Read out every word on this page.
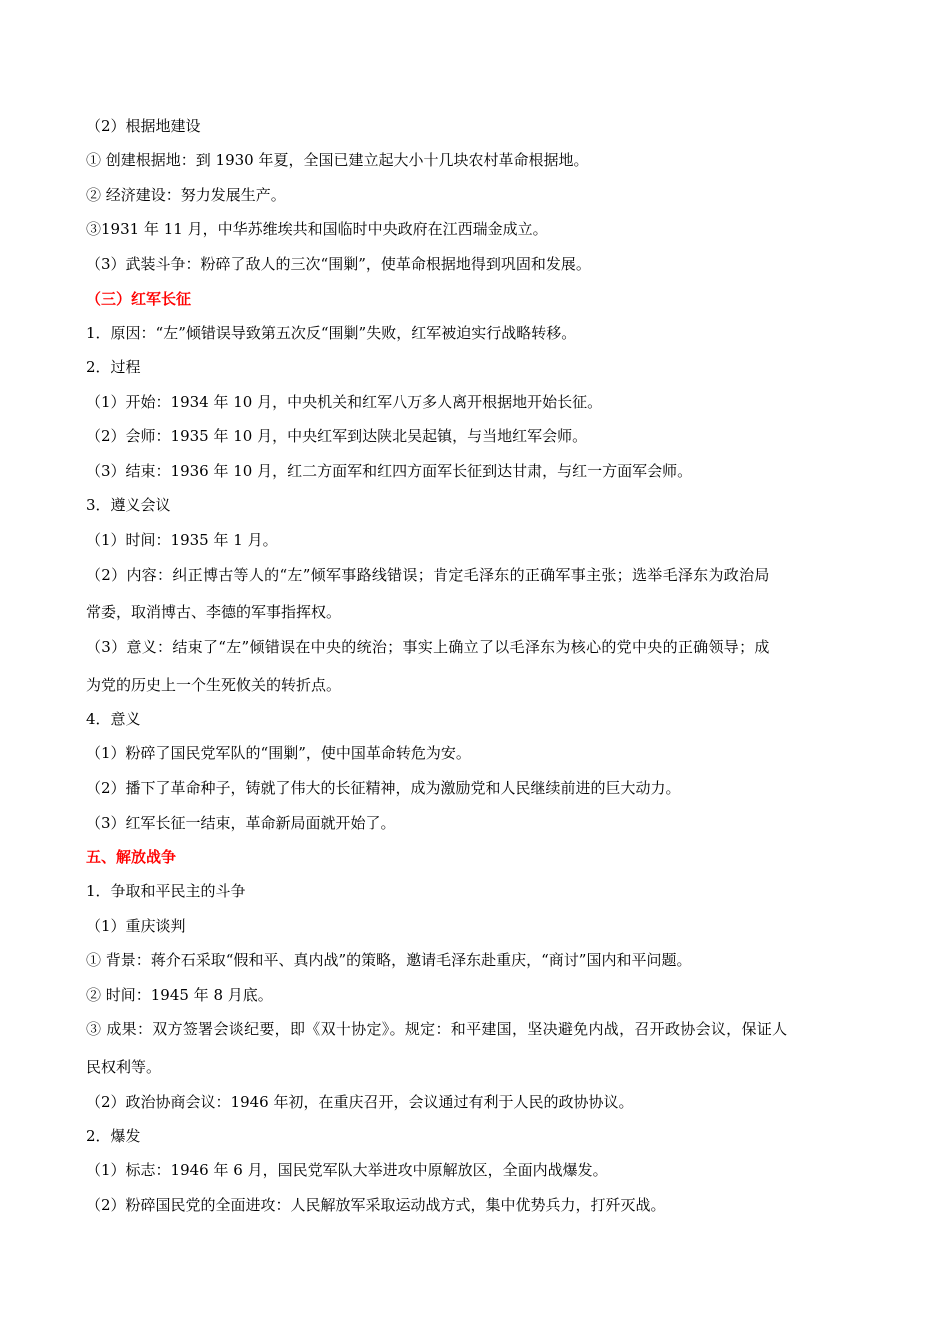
（2）根据地建设
① 创建根据地：到 1930 年夏，全国已建立起大小十几块农村革命根据地。
② 经济建设：努力发展生产。
③1931 年 11 月，中华苏维埃共和国临时中央政府在江西瑞金成立。
（3）武装斗争：粉碎了敌人的三次“围剿”，使革命根据地得到巩固和发展。
（三）红军长征
1．原因：“左”倾错误导致第五次反“围剿”失败，红军被迫实行战略转移。
2．过程
（1）开始：1934 年 10 月，中央机关和红军八万多人离开根据地开始长征。
（2）会师：1935 年 10 月，中央红军到达陕北吴起镇，与当地红军会师。
（3）结束：1936 年 10 月，红二方面军和红四方面军长征到达甘肃，与红一方面军会师。
3．遵义会议
（1）时间：1935 年 1 月。
（2）内容：纠正博古等人的“左”倾军事路线错误；肯定毛泽东的正确军事主张；选举毛泽东为政治局
常委，取消博古、李德的军事指挥权。
（3）意义：结束了“左”倾错误在中央的统治；事实上确立了以毛泽东为核心的党中央的正确领导；成
为党的历史上一个生死攸关的转折点。
4．意义
（1）粉碎了国民党军队的“围剿”，使中国革命转危为安。
（2）播下了革命种子，铸就了伟大的长征精神，成为激励党和人民继续前进的巨大动力。
（3）红军长征一结束，革命新局面就开始了。
五、解放战争
1．争取和平民主的斗争
（1）重庆谈判
① 背景：蒋介石采取“假和平、真内战”的策略，邀请毛泽东赴重庆，“商讨”国内和平问题。
② 时间：1945 年 8 月底。
③ 成果：双方签署会谈纪要，即《双十协定》。规定：和平建国，坚决避免内战，召开政协会议，保证人
民权利等。
（2）政治协商会议：1946 年初，在重庆召开，会议通过有利于人民的政协协议。
2．爆发
（1）标志：1946 年 6 月，国民党军队大举进攻中原解放区，全面内战爆发。
（2）粉碎国民党的全面进攻：人民解放军采取运动战方式，集中优势兵力，打歼灭战。
